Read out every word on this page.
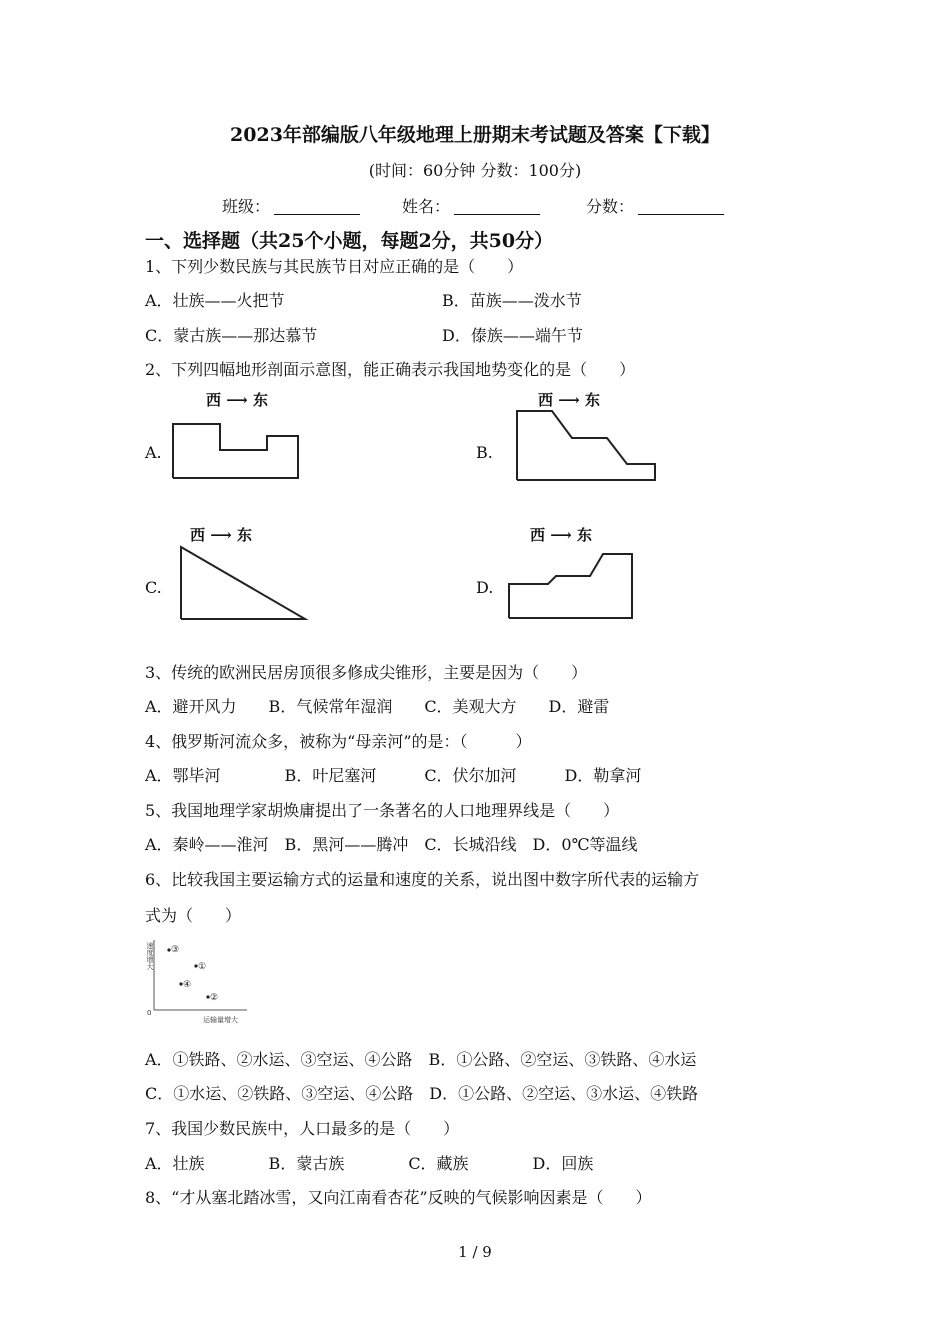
2023年部编版八年级地理上册期末考试题及答案【下载】
(时间：60分钟 分数：100分)
班级：	姓名：	分数：
一、选择题（共25个小题，每题2分，共50分）
1、下列少数民族与其民族节日对应正确的是（　　）
A．壮族——火把节	B．苗族——泼水节
C．蒙古族——那达慕节	D．傣族——端午节
2、下列四幅地形剖面示意图，能正确表示我国地势变化的是（　　）
A.
西 ⟶ 东
B.
西 ⟶ 东
C.
西 ⟶ 东
D.
西 ⟶ 东
3、传统的欧洲民居房顶很多修成尖锥形，主要是因为（　　）
A．避开风力　　B．气候常年湿润　　C．美观大方　　D．避雷
4、俄罗斯河流众多，被称为“母亲河”的是：（　　　）
A．鄂毕河　　　　B．叶尼塞河　　　C．伏尔加河　　　D．勒拿河
5、我国地理学家胡焕庸提出了一条著名的人口地理界线是（　　）
A．秦岭——淮河　B．黑河——腾冲　C．长城沿线　D．0℃等温线
6、比较我国主要运输方式的运量和速度的关系，说出图中数字所代表的运输方
式为（　　）
速度增大
0
运输量增大
③
①
④
②
A．①铁路、②水运、③空运、④公路　B．①公路、②空运、③铁路、④水运
C．①水运、②铁路、③空运、④公路　D．①公路、②空运、③水运、④铁路
7、我国少数民族中，人口最多的是（　　）
A．壮族　　　　B．蒙古族　　　　C．藏族　　　　D．回族
8、“才从塞北踏冰雪，又向江南看杏花”反映的气候影响因素是（　　）
1 / 9
